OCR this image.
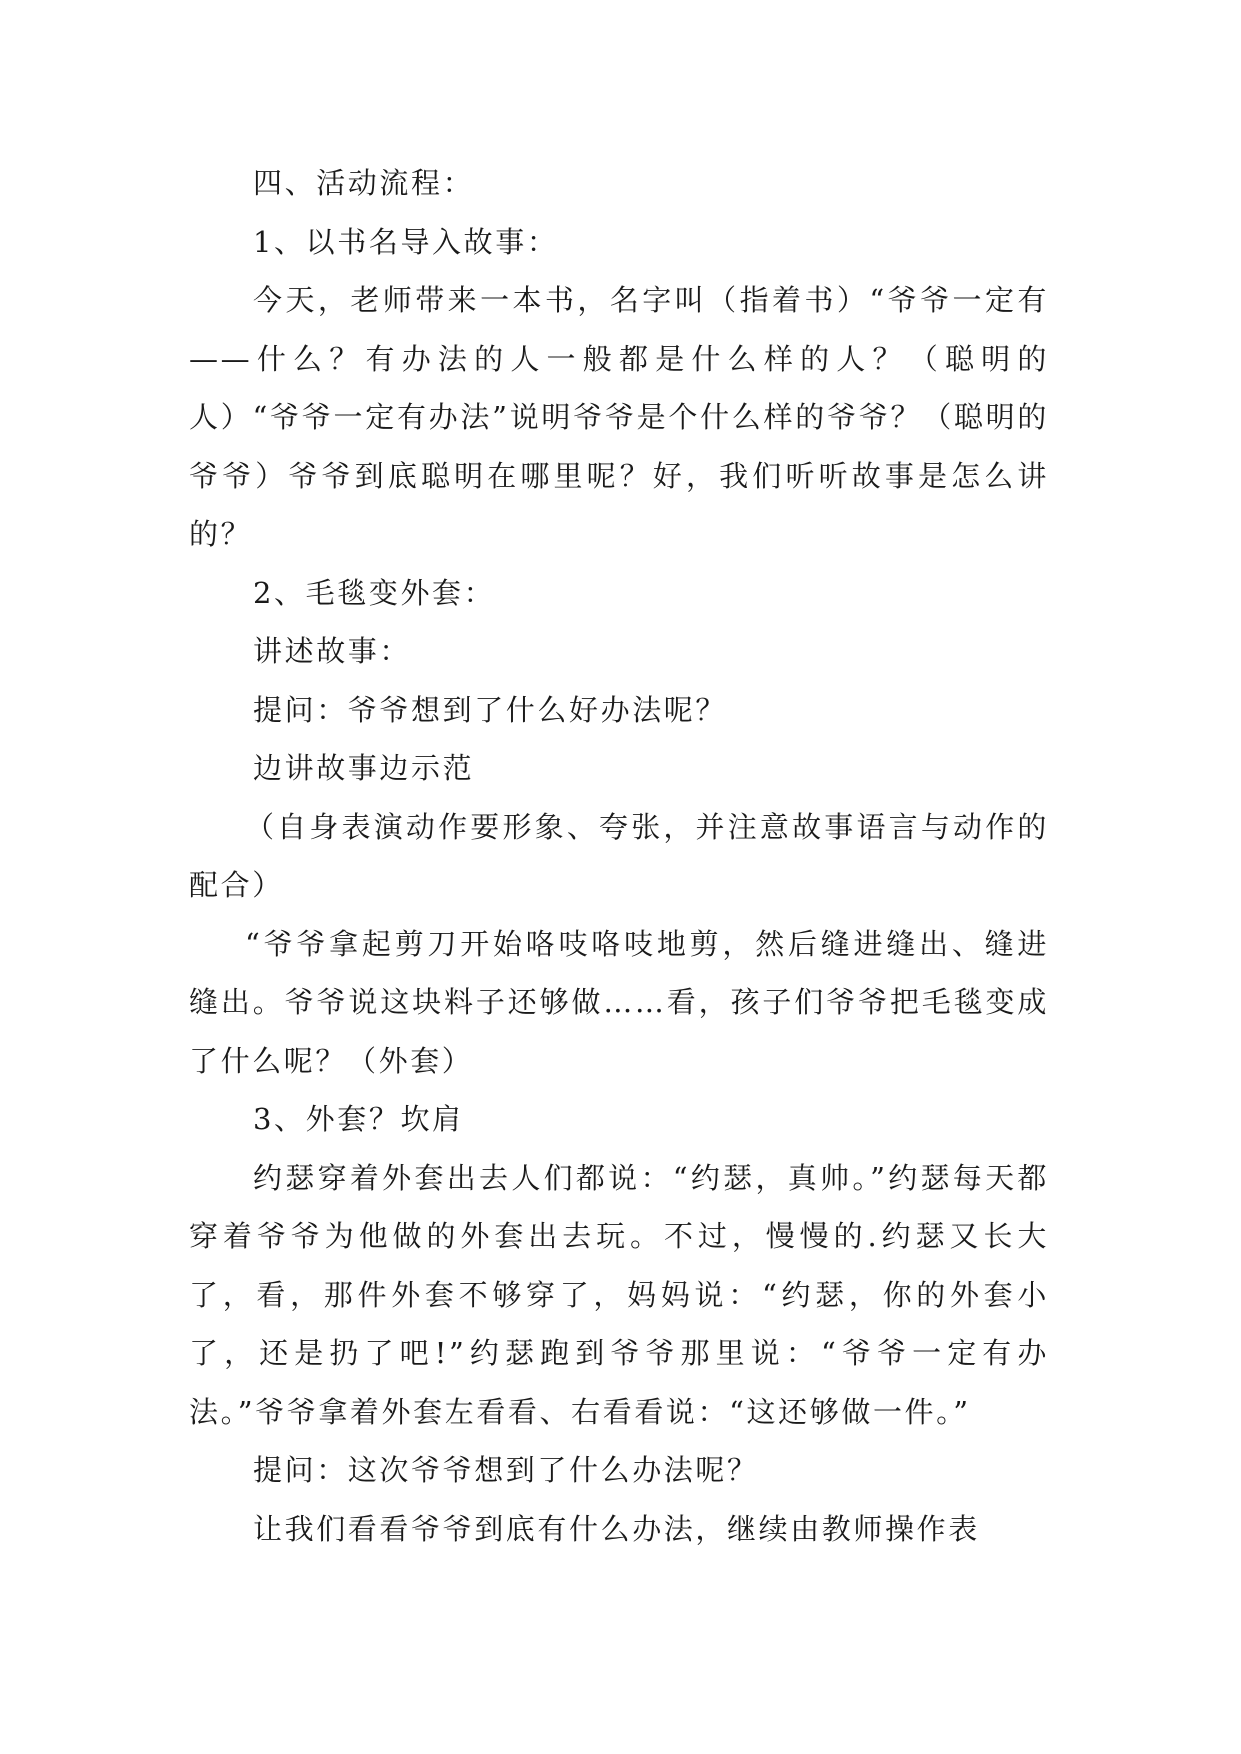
四、活动流程：

1、以书名导入故事：

今天，老师带来一本书，名字叫（指着书）“爷爷一定有——什么？有办法的人一般都是什么样的人？（聪明的人）“爷爷一定有办法”说明爷爷是个什么样的爷爷？（聪明的爷爷）爷爷到底聪明在哪里呢？好，我们听听故事是怎么讲的？

2、毛毯变外套：

讲述故事：

提问：爷爷想到了什么好办法呢？

边讲故事边示范

（自身表演动作要形象、夸张，并注意故事语言与动作的配合）

“爷爷拿起剪刀开始咯吱咯吱地剪，然后缝进缝出、缝进缝出。爷爷说这块料子还够做……看，孩子们爷爷把毛毯变成了什么呢？（外套）

3、外套？坎肩

约瑟穿着外套出去人们都说：“约瑟，真帅。”约瑟每天都穿着爷爷为他做的外套出去玩。不过，慢慢的.约瑟又长大了，看，那件外套不够穿了，妈妈说：“约瑟，你的外套小了，还是扔了吧!”约瑟跑到爷爷那里说：“爷爷一定有办法。”爷爷拿着外套左看看、右看看说：“这还够做一件。”

提问：这次爷爷想到了什么办法呢？

让我们看看爷爷到底有什么办法，继续由教师操作表
